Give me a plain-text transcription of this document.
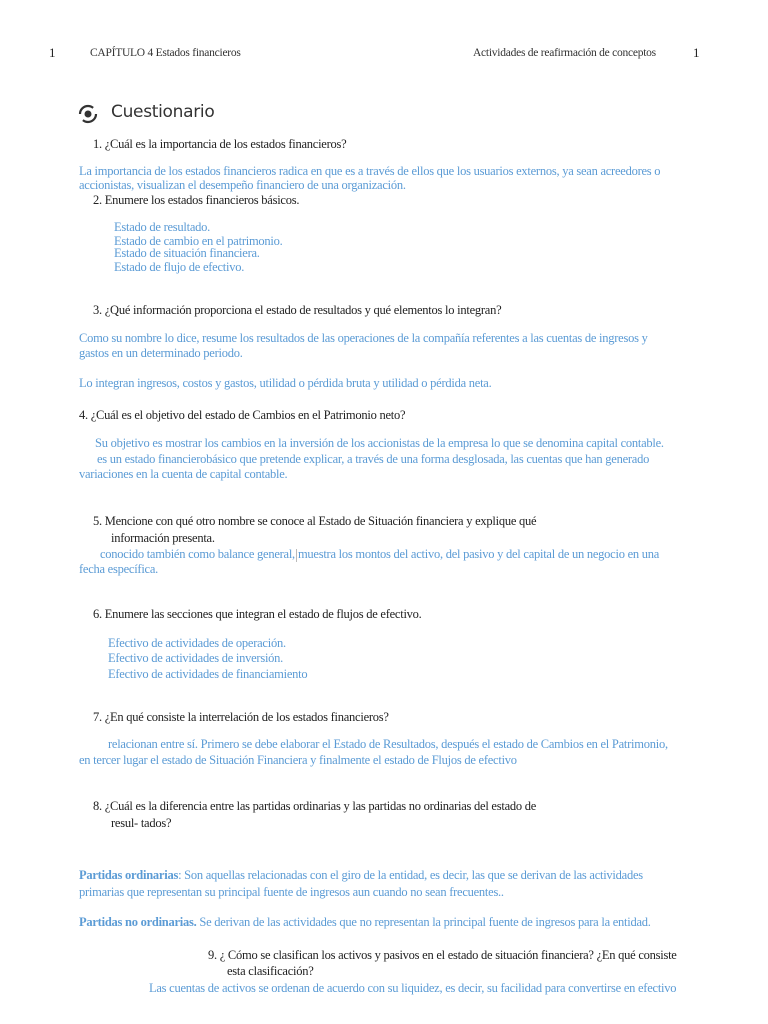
1	CAPÍTULO 4 Estados financieros	Actividades de reafirmación de conceptos	1
Cuestionario
1. ¿Cuál es la importancia de los estados financieros?
La importancia de los estados financieros radica en que es a través de ellos que los usuarios externos, ya sean acreedores o
accionistas, visualizan el desempeño financiero de una organización.
2. Enumere los estados financieros básicos.
Estado de resultado.
Estado de cambio en el patrimonio.
Estado de situación financiera.
Estado de flujo de efectivo.
3. ¿Qué información proporciona el estado de resultados y qué elementos lo integran?
Como su nombre lo dice, resume los resultados de las operaciones de la compañía referentes a las cuentas de ingresos y
gastos en un determinado periodo.
Lo integran ingresos, costos y gastos, utilidad o pérdida bruta y utilidad o pérdida neta.
4. ¿Cuál es el objetivo del estado de Cambios en el Patrimonio neto?
Su objetivo es mostrar los cambios en la inversión de los accionistas de la empresa lo que se denomina capital contable.
es un estado financierobásico que pretende explicar, a través de una forma desglosada, las cuentas que han generado
variaciones en la cuenta de capital contable.
5. Mencione con qué otro nombre se conoce al Estado de Situación financiera y explique qué
información presenta.
conocido también como balance general, muestra los montos del activo, del pasivo y del capital de un negocio en una
fecha específica.
6. Enumere las secciones que integran el estado de flujos de efectivo.
Efectivo de actividades de operación.
Efectivo de actividades de inversión.
Efectivo de actividades de financiamiento
7. ¿En qué consiste la interrelación de los estados financieros?
relacionan entre sí. Primero se debe elaborar el Estado de Resultados, después el estado de Cambios en el Patrimonio,
en tercer lugar el estado de Situación Financiera y finalmente el estado de Flujos de efectivo
8. ¿Cuál es la diferencia entre las partidas ordinarias y las partidas no ordinarias del estado de
resul- tados?
Partidas ordinarias: Son aquellas relacionadas con el giro de la entidad, es decir, las que se derivan de las actividades
primarias que representan su principal fuente de ingresos aun cuando no sean frecuentes..
Partidas no ordinarias. Se derivan de las actividades que no representan la principal fuente de ingresos para la entidad.
9. ¿ Cómo se clasifican los activos y pasivos en el estado de situación financiera? ¿En qué consiste
esta clasificación?
Las cuentas de activos se ordenan de acuerdo con su liquidez, es decir, su facilidad para convertirse en efectivo
